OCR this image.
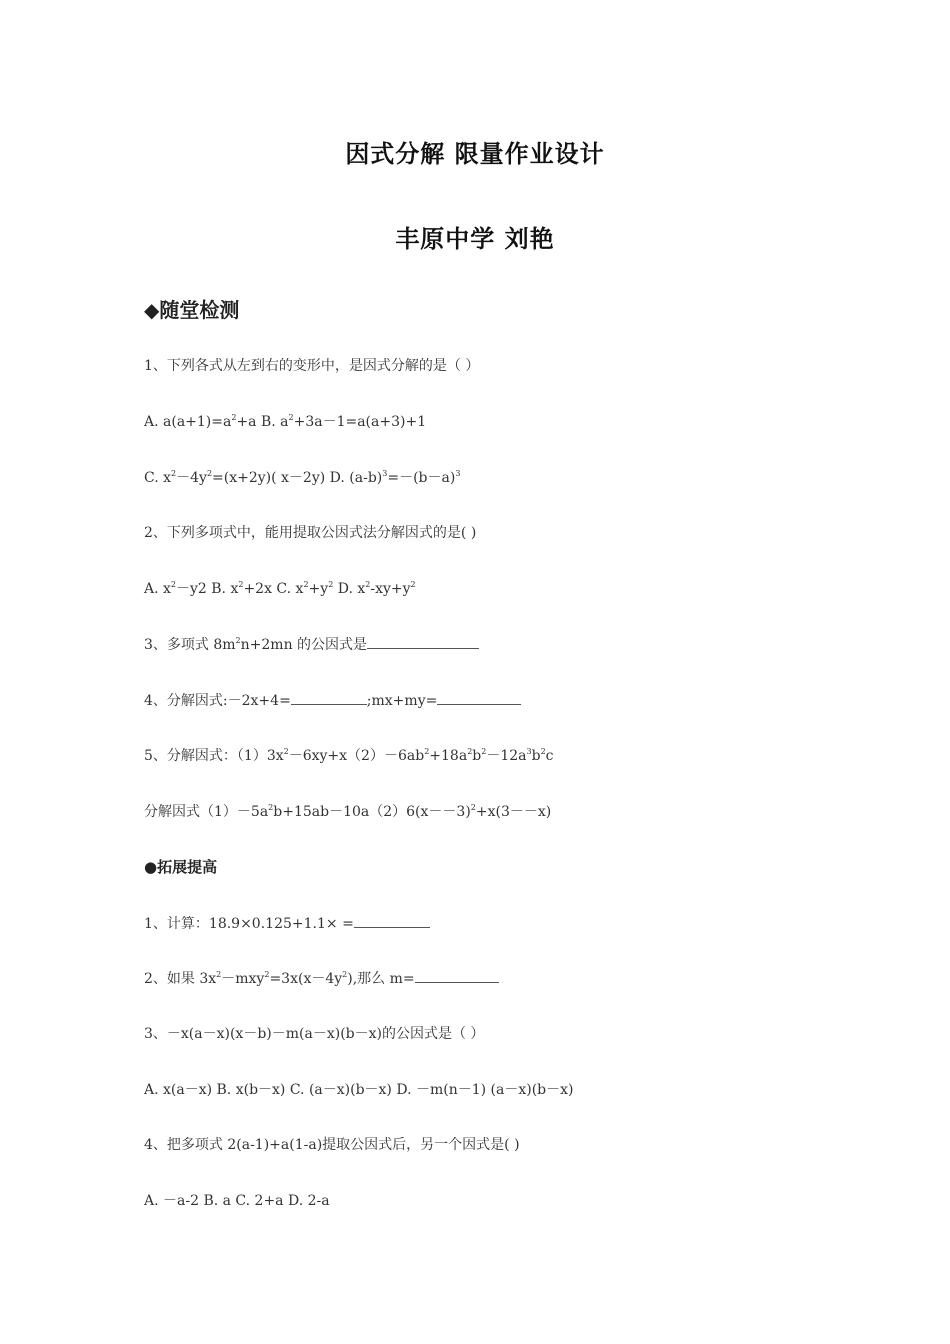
因式分解 限量作业设计
丰原中学 刘艳
◆随堂检测
1、下列各式从左到右的变形中，是因式分解的是（ ）
A. $a(a+1)=a^2+a$ B. $a^2+3a-1=a(a+3)+1$
C. $x^2-4y^2=(x+2y)$( x－2y) D. $(a-b)^3=-(b-a)^3$
2、下列多项式中，能用提取公因式法分解因式的是( )
A. $x^2-y2$ B. $x^2+2x$ C. $x^2+y^2$ D. $x^2-xy+y^2$
3、多项式 $8m^2n+2mn$ 的公因式是
4、分解因式:－2x+4=	;mx+my=
5、分解因式：$(1)3x^2-6xy+x(2)-6ab^2+18a^2b^2-12a^3b^2c$
分解因式$(1)-5a^2b+15ab-10a(2)6(x--3)^2+x(3--x)$
●拓展提高
1、计算：18.9×0.125+1.1× =
2、如果 $3x^2-mxy^2=3x(x-4y^2)$,那么 m=
3、－x(a－x)(x－b)－m(a－x)(b－x)的公因式是（ ）
A. x(a－x) B. x(b－x) C. (a－x)(b－x) D. －m(n－1) (a－x)(b－x)
4、把多项式 2(a-1)+a(1-a)提取公因式后，另一个因式是( )
A. －a-2 B. a C. 2+a D. 2-a
